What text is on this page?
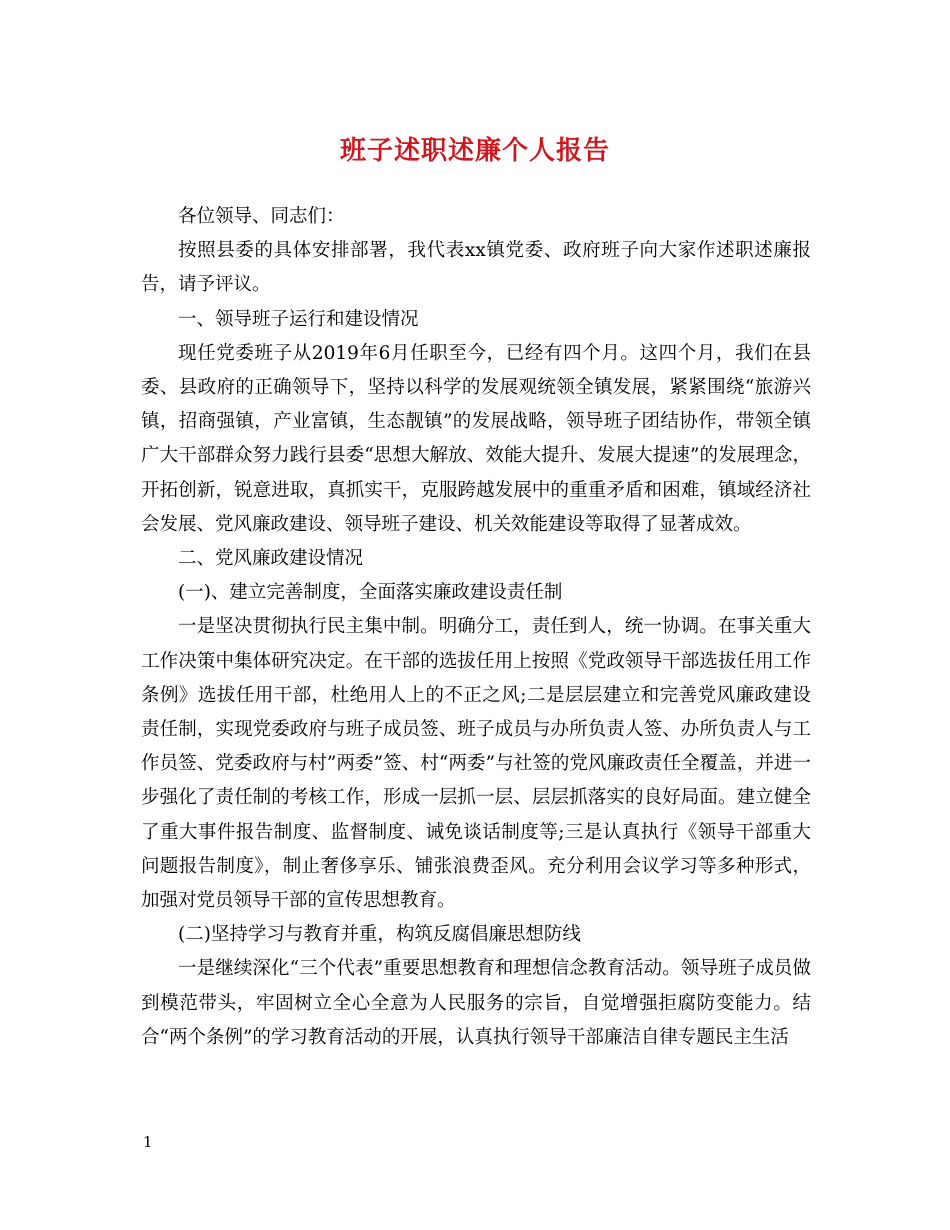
班子述职述廉个人报告

各位领导、同志们：

按照县委的具体安排部署，我代表xx镇党委、政府班子向大家作述职述廉报告，请予评议。

一、领导班子运行和建设情况

现任党委班子从2019年6月任职至今，已经有四个月。这四个月，我们在县委、县政府的正确领导下，坚持以科学的发展观统领全镇发展，紧紧围绕“旅游兴镇，招商强镇，产业富镇，生态靓镇”的发展战略，领导班子团结协作，带领全镇广大干部群众努力践行县委“思想大解放、效能大提升、发展大提速”的发展理念，开拓创新，锐意进取，真抓实干，克服跨越发展中的重重矛盾和困难，镇域经济社会发展、党风廉政建设、领导班子建设、机关效能建设等取得了显著成效。

二、党风廉政建设情况

(一)、建立完善制度，全面落实廉政建设责任制

一是坚决贯彻执行民主集中制。明确分工，责任到人，统一协调。在事关重大工作决策中集体研究决定。在干部的选拔任用上按照《党政领导干部选拔任用工作条例》选拔任用干部，杜绝用人上的不正之风;二是层层建立和完善党风廉政建设责任制，实现党委政府与班子成员签、班子成员与办所负责人签、办所负责人与工作员签、党委政府与村”两委”签、村“两委”与社签的党风廉政责任全覆盖，并进一步强化了责任制的考核工作，形成一层抓一层、层层抓落实的良好局面。建立健全了重大事件报告制度、监督制度、诫免谈话制度等;三是认真执行《领导干部重大问题报告制度》，制止奢侈享乐、铺张浪费歪风。充分利用会议学习等多种形式，加强对党员领导干部的宣传思想教育。

(二)坚持学习与教育并重，构筑反腐倡廉思想防线

一是继续深化“三个代表”重要思想教育和理想信念教育活动。领导班子成员做到模范带头，牢固树立全心全意为人民服务的宗旨，自觉增强拒腐防变能力。结合“两个条例”的学习教育活动的开展，认真执行领导干部廉洁自律专题民主生活

1
